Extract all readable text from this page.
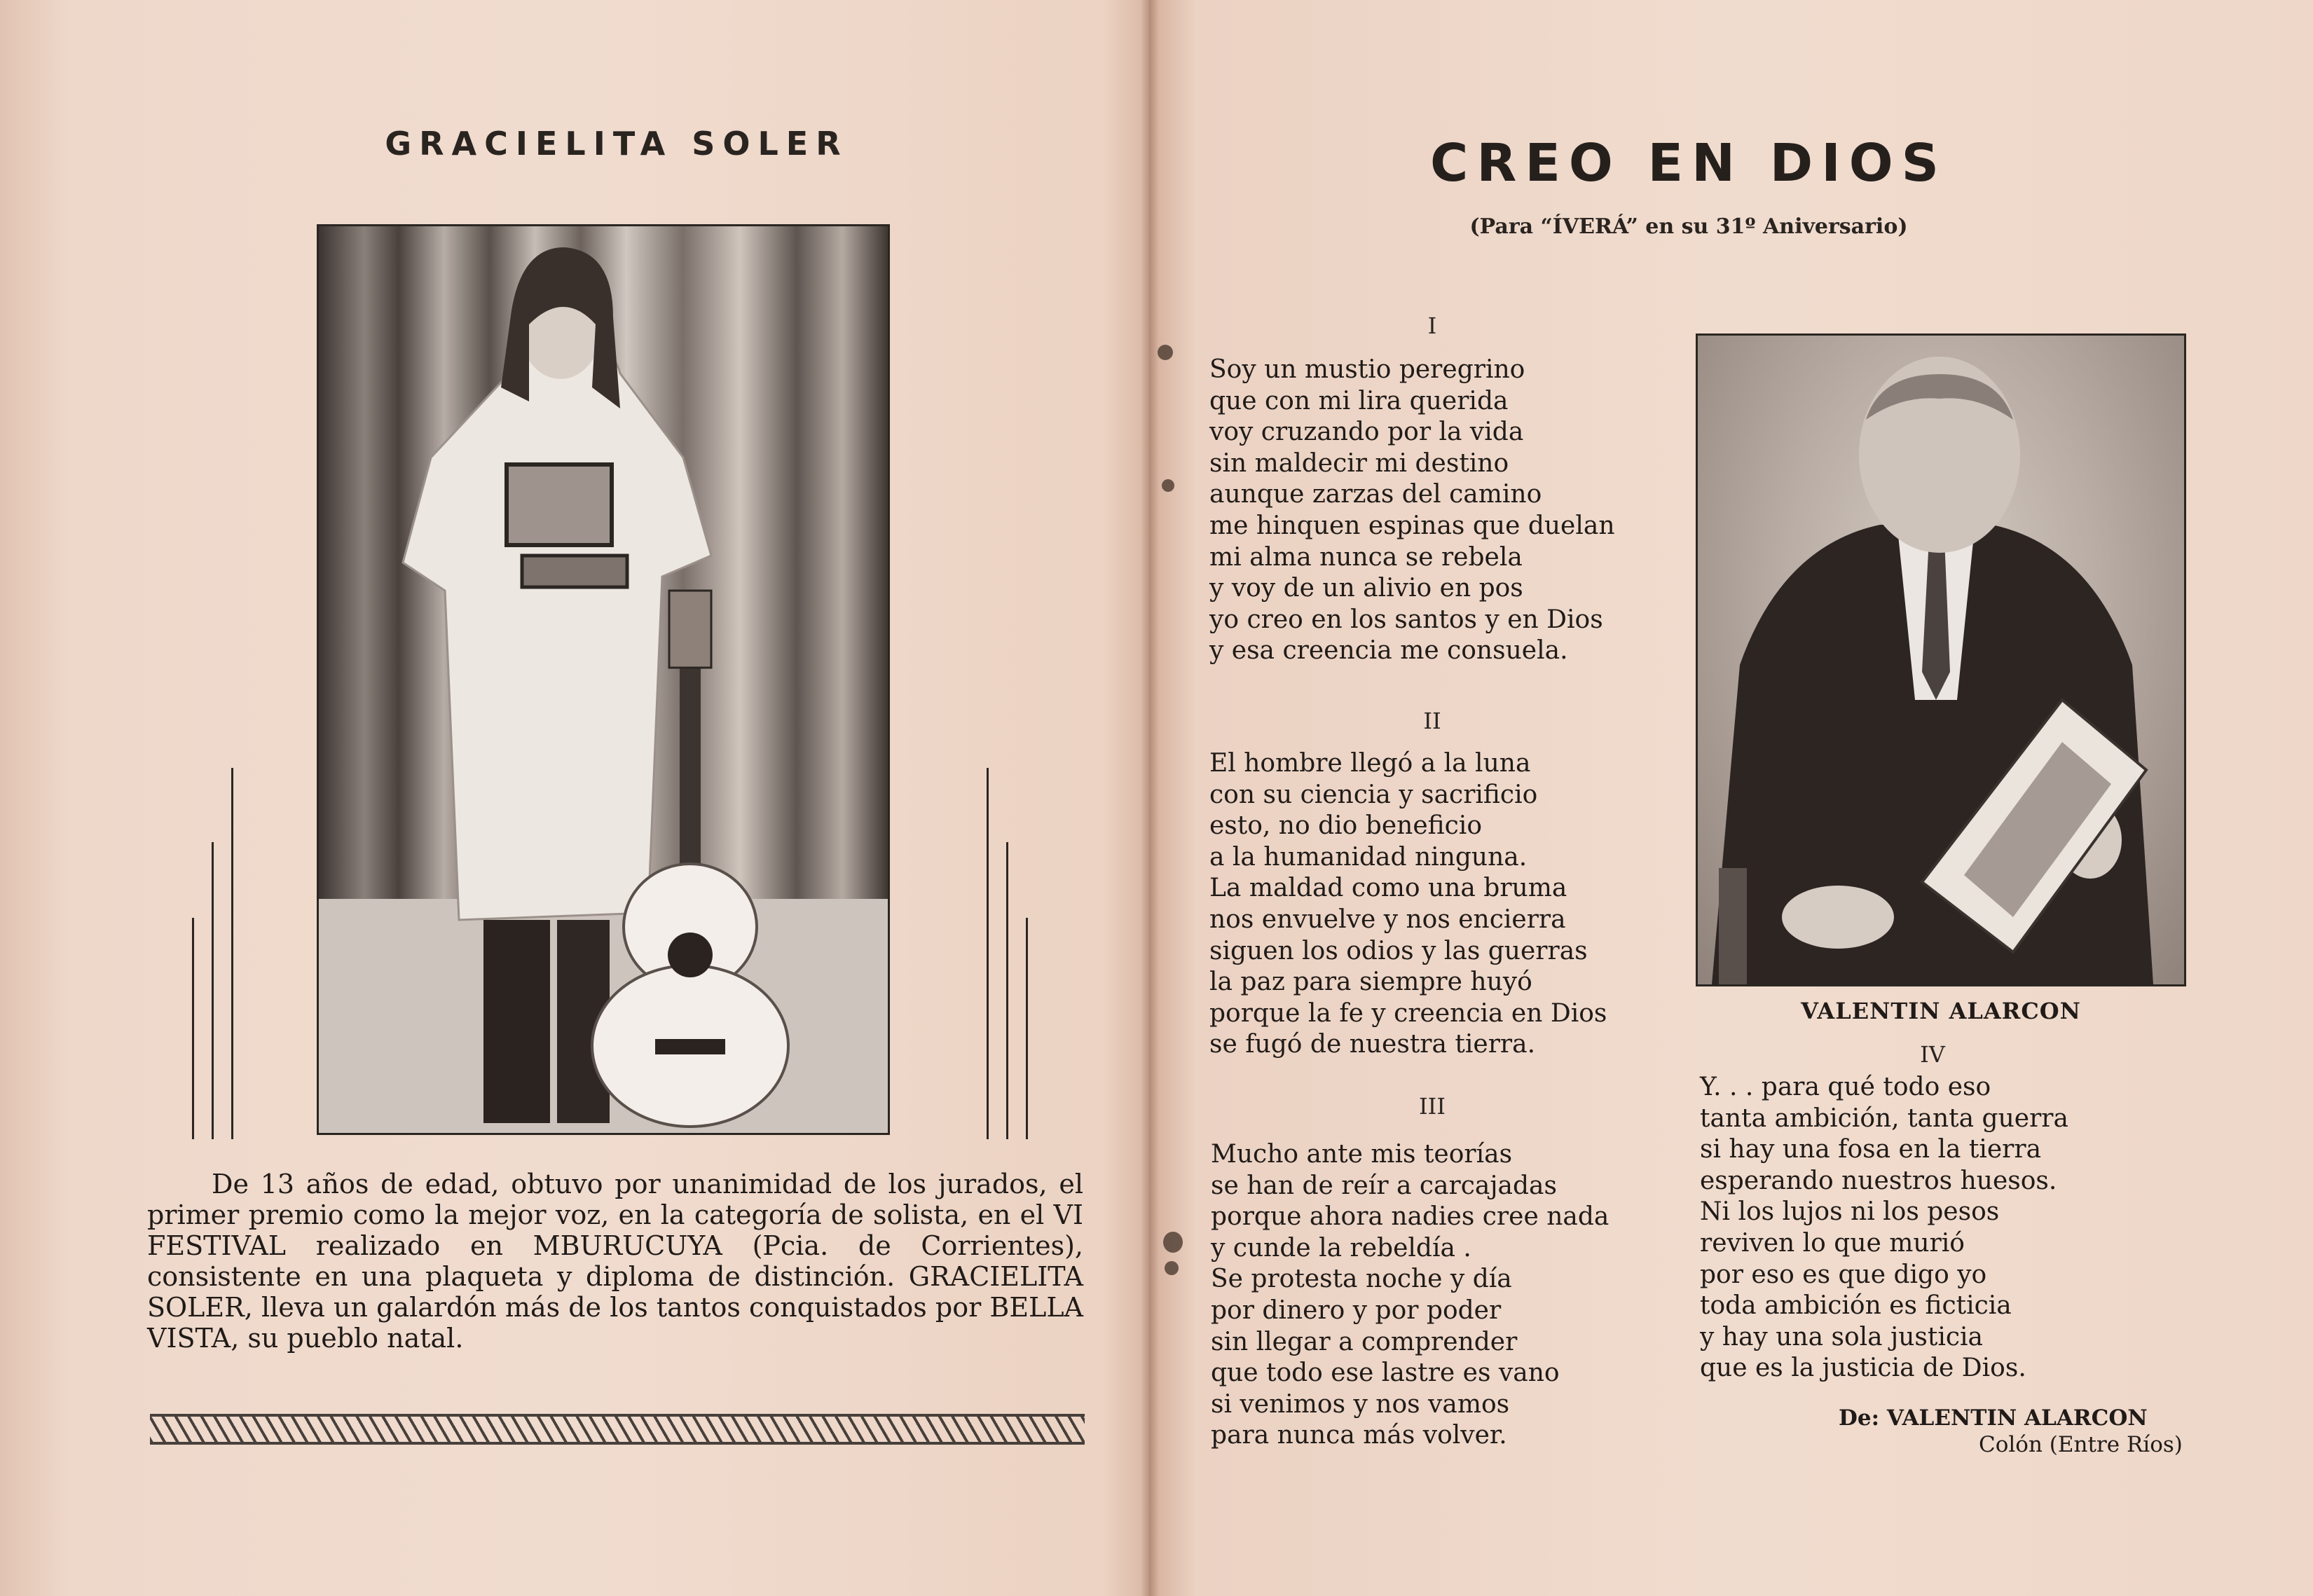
GRACIELITA SOLER

De 13 años de edad, obtuvo por unanimidad de los jurados, el primer premio como la mejor voz, en la categoría de solista, en el VI FESTIVAL realizado en MBURUCUYA (Pcia. de Corrientes), consistente en una plaqueta y diploma de distinción. GRACIELITA SOLER, lleva un galardón más de los tantos conquistados por BELLA VISTA, su pueblo natal.

CREO EN DIOS
(Para “ÍVERÁ” en su 31º Aniversario)
I
Soy un mustio peregrino
que con mi lira querida
voy cruzando por la vida
sin maldecir mi destino
aunque zarzas del camino
me hinquen espinas que duelan
mi alma nunca se rebela
y voy de un alivio en pos
yo creo en los santos y en Dios
y esa creencia me consuela.
II
El hombre llegó a la luna
con su ciencia y sacrificio
esto, no dio beneficio
a la humanidad ninguna.
La maldad como una bruma
nos envuelve y nos encierra
siguen los odios y las guerras
la paz para siempre huyó
porque la fe y creencia en Dios
se fugó de nuestra tierra.
III
Mucho ante mis teorías
se han de reír a carcajadas
porque ahora nadies cree nada
y cunde la rebeldía .
Se protesta noche y día
por dinero y por poder
sin llegar a comprender
que todo ese lastre es vano
si venimos y nos vamos
para nunca más volver.
VALENTIN ALARCON
IV
Y. . . para qué todo eso
tanta ambición, tanta guerra
si hay una fosa en la tierra
esperando nuestros huesos.
Ni los lujos ni los pesos
reviven lo que murió
por eso es que digo yo
toda ambición es ficticia
y hay una sola justicia
que es la justicia de Dios.
De: VALENTIN ALARCON
Colón (Entre Ríos)
